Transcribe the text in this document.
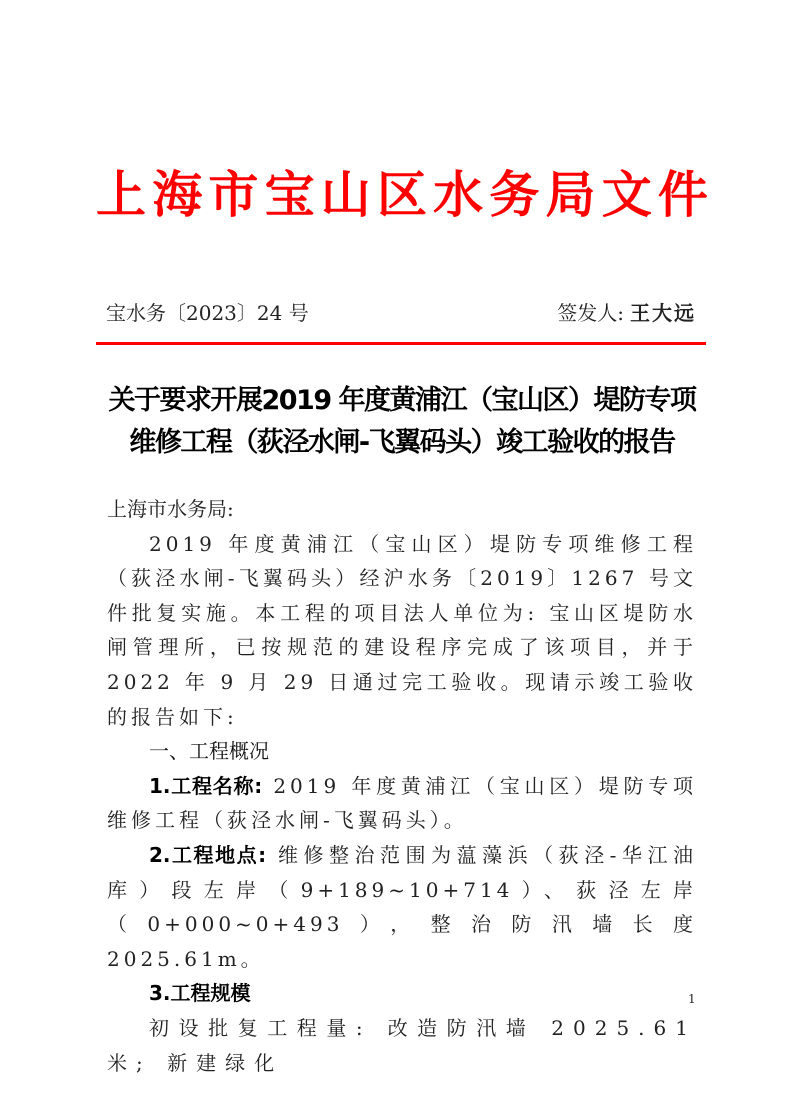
上 海 市 宝 山 区 水 务 局 文 件
宝水务〔2023〕24 号	签发人: 王大远
关于要求开展2019 年度黄浦江（宝山区）堤防专项
维修工程（荻泾水闸-飞翼码头）竣工验收的报告

上海市水务局:

2019 年度黄浦江（宝山区）堤防专项维修工程（荻泾水闸-飞翼码头）经沪水务〔2019〕1267 号文件批复实施。本工程的项目法人单位为: 宝山区堤防水闸管理所，已按规范的建设程序完成了该项目，并于 2022 年 9 月 29 日通过完工验收。现请示竣工验收的报告如下:

一、工程概况

1.工程名称: 2019 年度黄浦江（宝山区）堤防专项维修工程（荻泾水闸-飞翼码头）。

2.工程地点: 维修整治范围为蕰藻浜（荻泾-华江油库）段左岸（9+189~10+714）、荻泾左岸（0+000~0+493），整治防汛墙长度 2025.61m。

3.工程规模

初设批复工程量: 改造防汛墙 2025.61 米; 新建绿化

1
